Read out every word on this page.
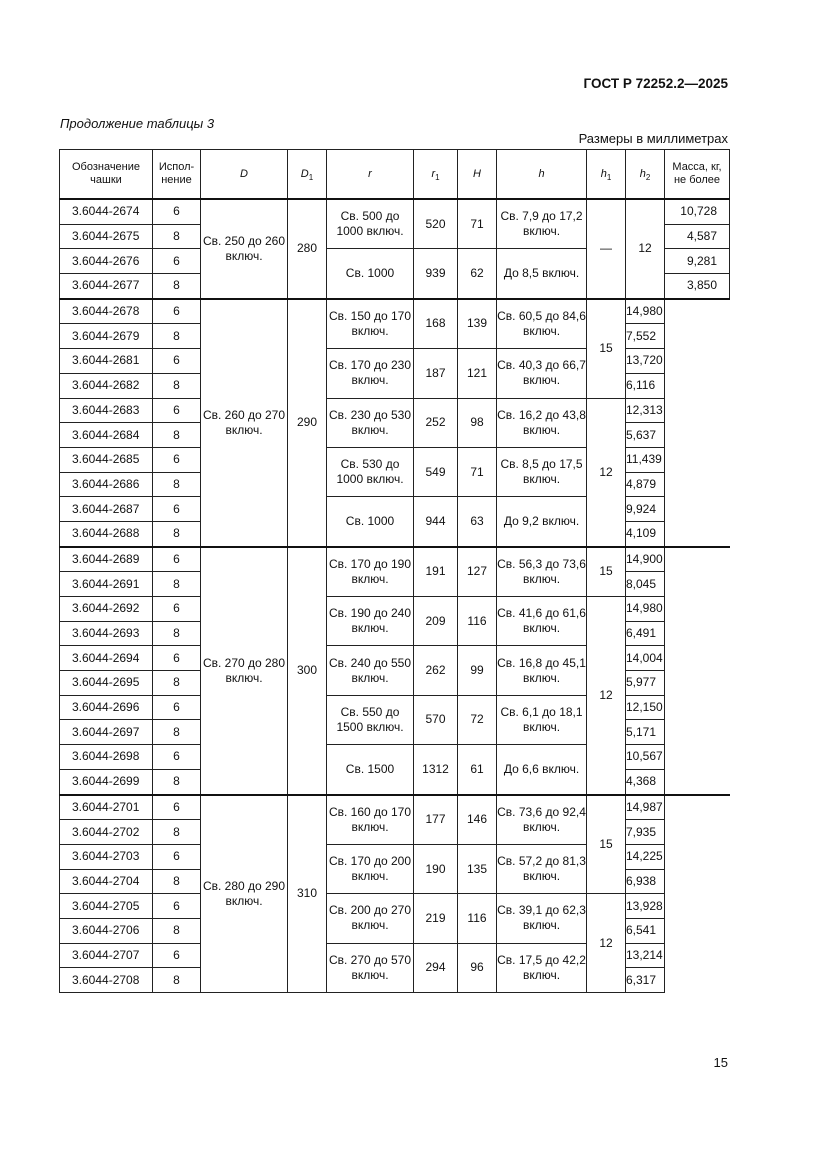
ГОСТ Р 72252.2—2025
Продолжение таблицы 3
Размеры в миллиметрах
Обозначение чашки	Испол-нение	D	$D_1$	r	$r_1$	H	h	$h_1$	$h_2$	Масса, кг, не более
3.6044-2674	6	Св. 250 до 260 включ.	280	Св. 500 до 1000 включ.	520	71	Св. 7,9 до 17,2 включ.	—	12	10,728
3.6044-2675	8									4,587
3.6044-2676	6			Св. 1000	939	62	До 8,5 включ.			9,281
3.6044-2677	8									3,850
3.6044-2678	6	Св. 260 до 270 включ.	290	Св. 150 до 170 включ.	168	139	Св. 60,5 до 84,6 включ.	15	14,980	
3.6044-2679	8								7,552	
3.6044-2681	6			Св. 170 до 230 включ.	187	121	Св. 40,3 до 66,7 включ.		13,720	
3.6044-2682	8								6,116	
3.6044-2683	6			Св. 230 до 530 включ.	252	98	Св. 16,2 до 43,8 включ.	12	12,313	
3.6044-2684	8								5,637	
3.6044-2685	6			Св. 530 до 1000 включ.	549	71	Св. 8,5 до 17,5 включ.		11,439	
3.6044-2686	8								4,879	
3.6044-2687	6			Св. 1000	944	63	До 9,2 включ.		9,924	
3.6044-2688	8								4,109	
3.6044-2689	6	Св. 270 до 280 включ.	300	Св. 170 до 190 включ.	191	127	Св. 56,3 до 73,6 включ.	15	14,900	
3.6044-2691	8								8,045	
3.6044-2692	6			Св. 190 до 240 включ.	209	116	Св. 41,6 до 61,6 включ.	12	14,980	
3.6044-2693	8								6,491	
3.6044-2694	6			Св. 240 до 550 включ.	262	99	Св. 16,8 до 45,1 включ.		14,004	
3.6044-2695	8								5,977	
3.6044-2696	6			Св. 550 до 1500 включ.	570	72	Св. 6,1 до 18,1 включ.		12,150	
3.6044-2697	8								5,171	
3.6044-2698	6			Св. 1500	1312	61	До 6,6 включ.		10,567	
3.6044-2699	8								4,368	
3.6044-2701	6	Св. 280 до 290 включ.	310	Св. 160 до 170 включ.	177	146	Св. 73,6 до 92,4 включ.	15	14,987	
3.6044-2702	8								7,935	
3.6044-2703	6			Св. 170 до 200 включ.	190	135	Св. 57,2 до 81,3 включ.		14,225	
3.6044-2704	8								6,938	
3.6044-2705	6			Св. 200 до 270 включ.	219	116	Св. 39,1 до 62,3 включ.	12	13,928	
3.6044-2706	8								6,541	
3.6044-2707	6			Св. 270 до 570 включ.	294	96	Св. 17,5 до 42,2 включ.		13,214	
3.6044-2708	8								6,317	
15
